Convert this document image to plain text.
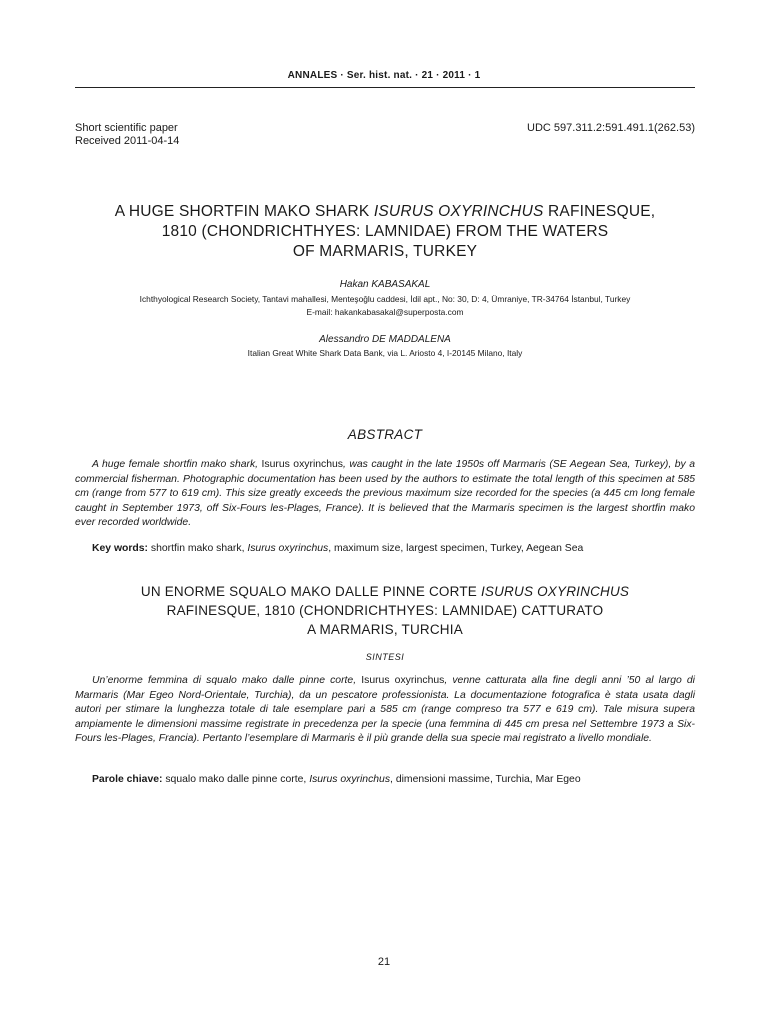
ANNALES · Ser. hist. nat. · 21 · 2011 · 1
Short scientific paper
Received 2011-04-14
UDC 597.311.2:591.491.1(262.53)
A HUGE SHORTFIN MAKO SHARK ISURUS OXYRINCHUS RAFINESQUE,
1810 (CHONDRICHTHYES: LAMNIDAE) FROM THE WATERS
OF MARMARIS, TURKEY
Hakan KABASAKAL
Ichthyological Research Society, Tantavi mahallesi, Menteşoğlu caddesi, İdil apt., No: 30, D: 4, Ümraniye, TR-34764 İstanbul, Turkey
E-mail: hakankabasakal@superposta.com
Alessandro DE MADDALENA
Italian Great White Shark Data Bank, via L. Ariosto 4, I-20145 Milano, Italy
ABSTRACT
A huge female shortfin mako shark, Isurus oxyrinchus, was caught in the late 1950s off Marmaris (SE Aegean Sea, Turkey), by a commercial fisherman. Photographic documentation has been used by the authors to estimate the total length of this specimen at 585 cm (range from 577 to 619 cm). This size greatly exceeds the previous maximum size recorded for the species (a 445 cm long female caught in September 1973, off Six-Fours les-Plages, France). It is believed that the Marmaris specimen is the largest shortfin mako ever recorded worldwide.
Key words: shortfin mako shark, Isurus oxyrinchus, maximum size, largest specimen, Turkey, Aegean Sea
UN ENORME SQUALO MAKO DALLE PINNE CORTE ISURUS OXYRINCHUS
RAFINESQUE, 1810 (CHONDRICHTHYES: LAMNIDAE) CATTURATO
A MARMARIS, TURCHIA
SINTESI
Un’enorme femmina di squalo mako dalle pinne corte, Isurus oxyrinchus, venne catturata alla fine degli anni ’50 al largo di Marmaris (Mar Egeo Nord-Orientale, Turchia), da un pescatore professionista. La documentazione fotografica è stata usata dagli autori per stimare la lunghezza totale di tale esemplare pari a 585 cm (range compreso tra 577 e 619 cm). Tale misura supera ampiamente le dimensioni massime registrate in precedenza per la specie (una femmina di 445 cm presa nel Settembre 1973 a Six-Fours les-Plages, Francia). Pertanto l’esemplare di Marmaris è il più grande della sua specie mai registrato a livello mondiale.
Parole chiave: squalo mako dalle pinne corte, Isurus oxyrinchus, dimensioni massime, Turchia, Mar Egeo
21
